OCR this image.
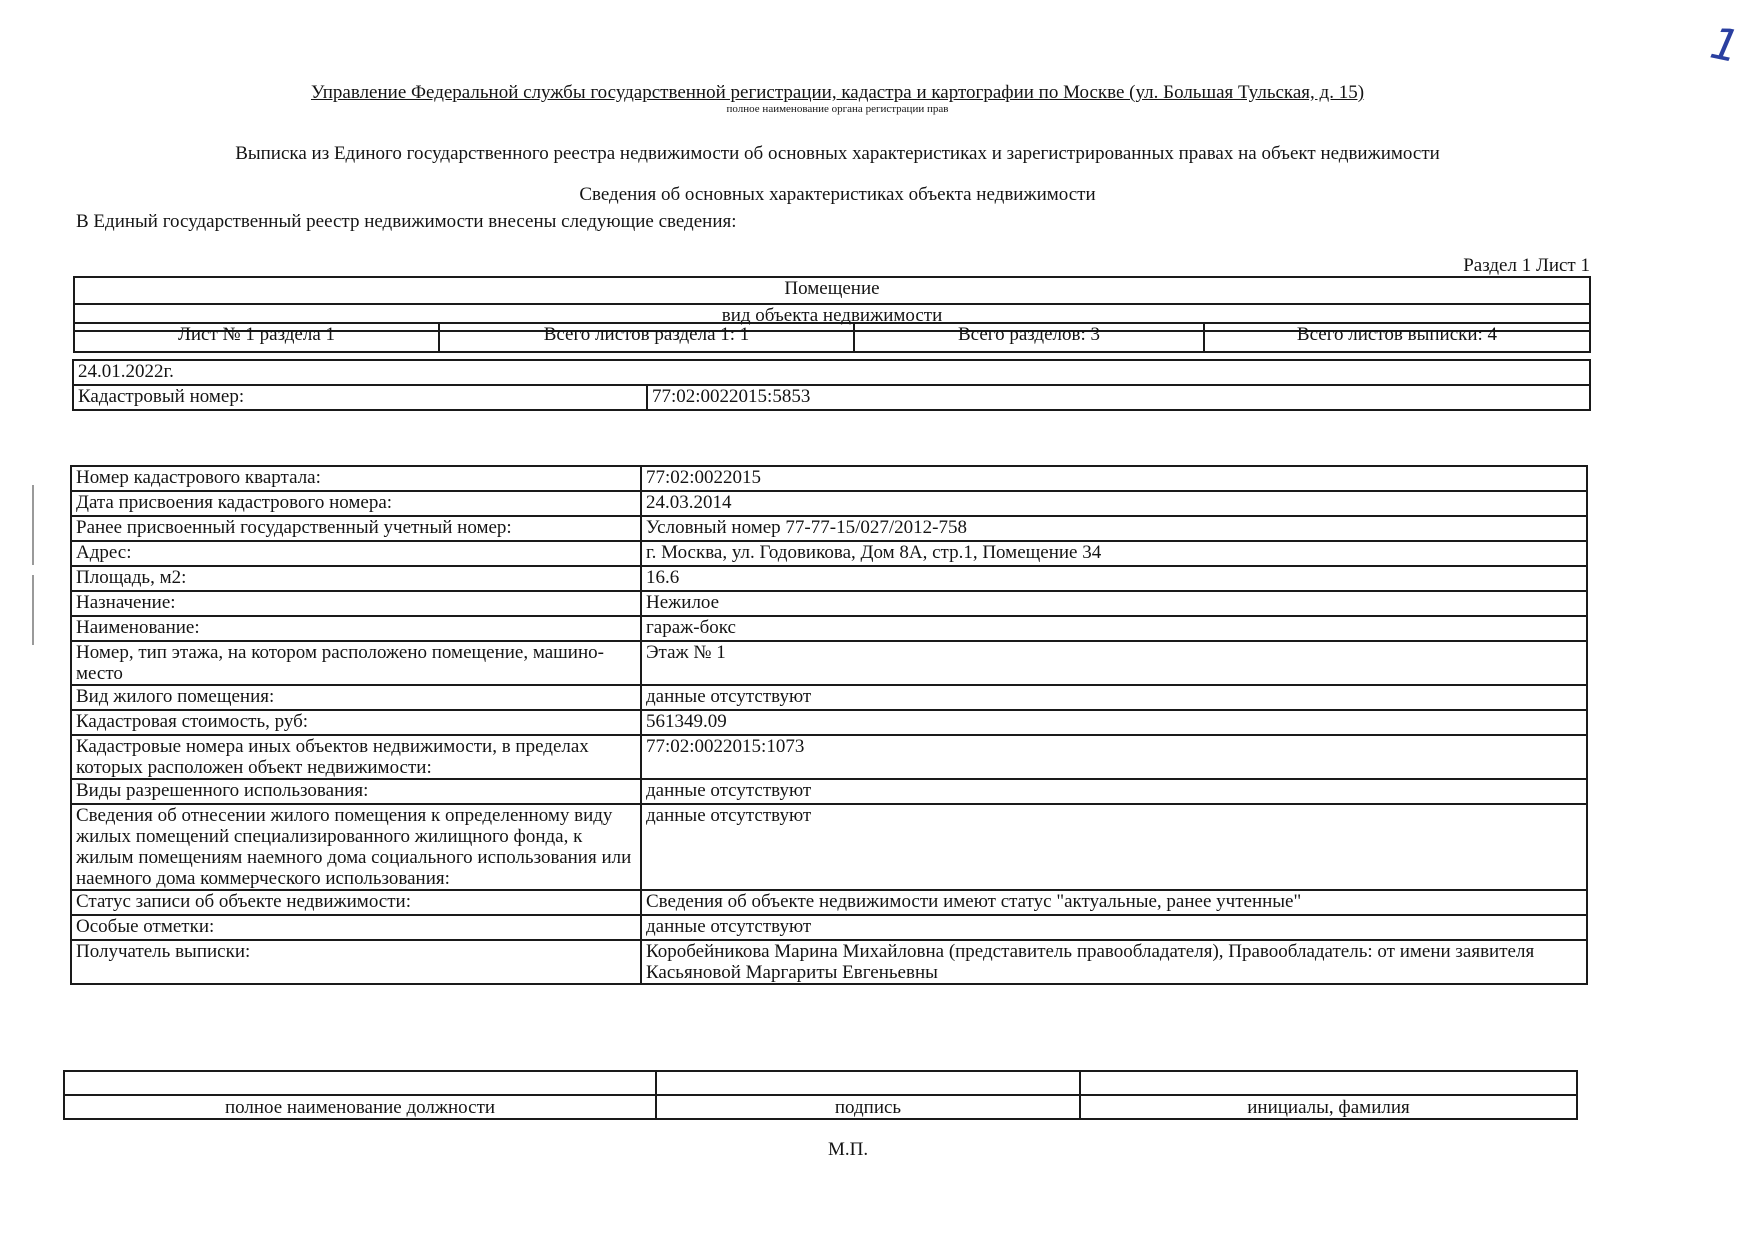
1
Управление Федеральной службы государственной регистрации, кадастра и картографии по Москве (ул. Большая Тульская, д. 15)
полное наименование органа регистрации прав
Выписка из Единого государственного реестра недвижимости об основных характеристиках и зарегистрированных правах на объект недвижимости
Сведения об основных характеристиках объекта недвижимости
В Единый государственный реестр недвижимости внесены следующие сведения:
Раздел 1 Лист 1
Помещение
вид объекта недвижимости
Лист № 1 раздела 1	Всего листов раздела 1: 1	Всего разделов: 3	Всего листов выписки: 4
24.01.2022г.
Кадастровый номер:	77:02:0022015:5853
Номер кадастрового квартала:	77:02:0022015
Дата присвоения кадастрового номера:	24.03.2014
Ранее присвоенный государственный учетный номер:	Условный номер 77-77-15/027/2012-758
Адрес:	г. Москва, ул. Годовикова, Дом 8А, стр.1, Помещение 34
Площадь, м2:	16.6
Назначение:	Нежилое
Наименование:	гараж-бокс
Номер, тип этажа, на котором расположено помещение, машино-место	Этаж № 1
Вид жилого помещения:	данные отсутствуют
Кадастровая стоимость, руб:	561349.09
Кадастровые номера иных объектов недвижимости, в пределах которых расположен объект недвижимости:	77:02:0022015:1073
Виды разрешенного использования:	данные отсутствуют
Сведения об отнесении жилого помещения к определенному виду жилых помещений специализированного жилищного фонда, к жилым помещениям наемного дома социального использования или наемного дома коммерческого использования:	данные отсутствуют
Статус записи об объекте недвижимости:	Сведения об объекте недвижимости имеют статус "актуальные, ранее учтенные"
Особые отметки:	данные отсутствуют
Получатель выписки:	Коробейникова Марина Михайловна (представитель правообладателя), Правообладатель: от имени заявителя Касьяновой Маргариты Евгеньевны

полное наименование должности	подпись	инициалы, фамилия
М.П.
